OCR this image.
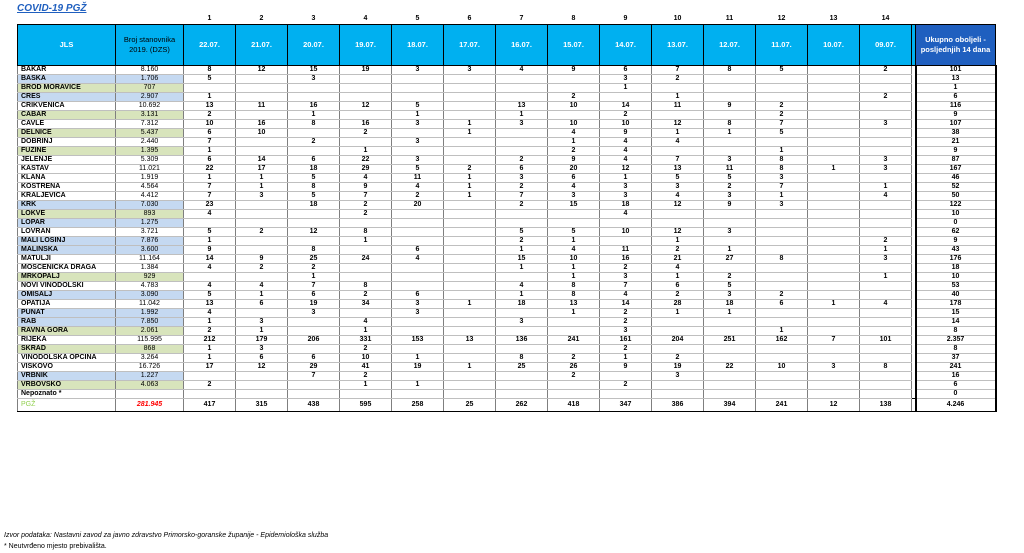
COVID-19 PGŽ
		1	2	3	4	5	6	7	8	9	10	11	12	13	14		
JLS	Broj stanovnika 2019. (DZS)	22.07.	21.07.	20.07.	19.07.	18.07.	17.07.	16.07.	15.07.	14.07.	13.07.	12.07.	11.07.	10.07.	09.07.		Ukupno oboljeli - posljednjih 14 dana
BAKAR	8.160	8	12	15	19	3	3	4	9	6	7	8	5		2		101
BAŠKA	1.706	5		3						3	2						13
BROD MORAVICE	707									1							1
CRES	2.907	1							2		1				2		6
CRIKVENICA	10.692	13	11	16	12	5		13	10	14	11	9	2				116
ČABAR	3.131	2		1		1		1		2			2				9
ČAVLE	7.312	10	16	8	16	3	1	3	10	10	12	8	7		3		107
DELNICE	5.437	6	10		2		1		4	9	1	1	5				38
DOBRINJ	2.440	7		2		3			1	4	4						21
FUŽINE	1.395	1			1				2	4			1				9
JELENJE	5.309	6	14	6	22	3		2	9	4	7	3	8		3		87
KASTAV	11.021	22	17	18	29	5	2	6	20	12	13	11	8	1	3		167
KLANA	1.919	1	1	5	4	11	1	3	6	1	5	5	3				46
KOSTRENA	4.564	7	1	8	9	4	1	2	4	3	3	2	7		1		52
KRALJEVICA	4.412	7	3	5	7	2	1	7	3	3	4	3	1		4		50
KRK	7.030	23		18	2	20		2	15	18	12	9	3				122
LOKVE	893	4			2					4							10
LOPAR	1.275																0
LOVRAN	3.721	5	2	12	8			5	5	10	12	3					62
MALI LOŠINJ	7.876	1			1			2	1		1				2		9
MALINSKA	3.600	9		8		6		1	4	11	2	1			1		43
MATULJI	11.164	14	9	25	24	4		15	10	16	21	27	8		3		176
MOŠĆENIČKA DRAGA	1.384	4	2	2				1	1	2	4						18
MRKOPALJ	929			1					1	3	1	2			1		10
NOVI VINODOLSKI	4.783	4	4	7	8			4	8	7	6	5					53
OMIŠALJ	3.090	5	1	6	2	6		1	8	4	2	3	2				40
OPATIJA	11.042	13	6	19	34	3	1	18	13	14	28	18	6	1	4		178
PUNAT	1.992	4		3		3			1	2	1	1					15
RAB	7.850	1	3		4			3		2							14
RAVNA GORA	2.061	2	1		1					3			1				8
RIJEKA	115.995	212	179	206	331	153	13	136	241	161	204	251	162	7	101		2.357
SKRAD	868	1	3		2					2							8
VINODOLSKA OPĆINA	3.264	1	6	6	10	1		8	2	1	2						37
VIŠKOVO	16.726	17	12	29	41	19	1	25	26	9	19	22	10	3	8		241
VRBNIK	1.227			7	2				2		3						16
VRBOVSKO	4.063	2			1	1				2							6
Nepoznato *																	0
PGŽ	281.945	417	315	438	595	258	25	262	418	347	386	394	241	12	138		4.246
Izvor podataka: Nastavni zavod za javno zdravstvo Primorsko-goranske županije - Epidemiološka služba
* Neutvrđeno mjesto prebivališta.
